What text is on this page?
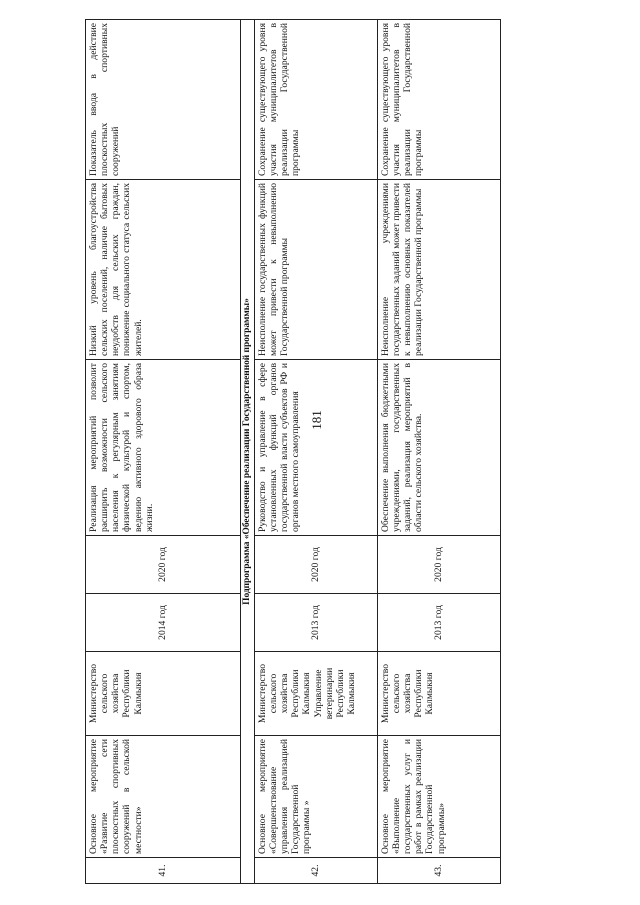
181
41.	Основное мероприятие «Развитие сети плоскостных спортивных сооружений в сельской местности»	Министерство сельского хозяйства Республики Калмыкия	2014 год	2020 год	Реализация мероприятий позволит расширить возможности сельского населения к регулярным занятиям физической культурой и спортом, ведению активного здорового образа жизни.	Низкий уровень благоустройства сельских поселений, наличие бытовых неудобств для сельских граждан, понижение социального статуса сельских жителей.	Показатель ввода в действие плоскостных спортивных сооружений
Подпрограмма «Обеспечение реализации Государственной программы»							
42.	Основное мероприятие «Совершенствование управления реализацией Государственной программы »	Министерство сельского хозяйства Республики Калмыкия Управление ветеринарии Республики Калмыкия	2013 год	2020 год	Руководство и управление в сфере установленных функций органов государственной власти субъектов РФ и органов местного самоуправления	Неисполнение государственных функций может привести к невыполнению Государственной программы	Сохранение существующего уровня участия муниципалитетов в реализации Государственной программы
43.	Основное мероприятие «Выполнение государственных услуг и работ в рамках реализации Государственной программы»	Министерство сельского хозяйства Республики Калмыкия	2013 год	2020 год	Обеспечение выполнения бюджетными учреждениями, государственных заданий, реализация мероприятий в области сельского хозяйства.	Неисполнение учреждениями государственных заданий может привести к невыполнению основных показателей реализации Государственной программы	Сохранение существующего уровня участия муниципалитетов в реализации Государственной программы
